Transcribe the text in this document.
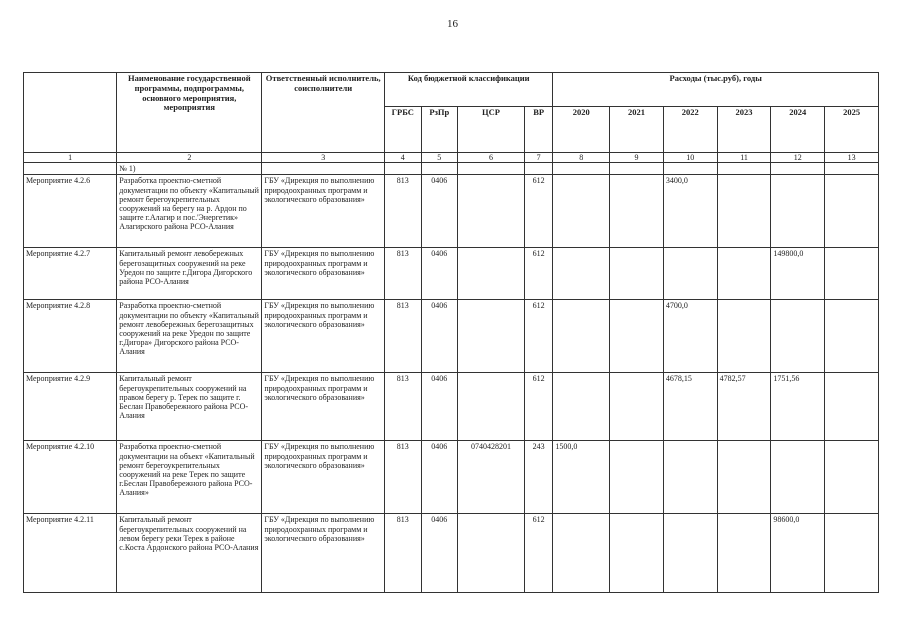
16
	Наименование государственной программы, подпрограммы, основного мероприятия, мероприятия	Ответственный исполнитель, соисполнители	Код бюджетной классификации				Расходы (тыс.руб), годы					
			ГРБС	РзПр	ЦСР	ВР	2020	2021	2022	2023	2024	2025
1	2	3	4	5	6	7	8	9	10	11	12	13
	№ 1)											
Мероприятие 4.2.6	Разработка проектно-сметной документации по объекту «Капитальный ремонт берегоукрепительных сооружений на берегу на р. Ардон по защите г.Алагир и пос.'Энергетик» Алагирского района РСО-Алания	ГБУ «Дирекция по выполнению природоохранных программ и экологического образования»	813	0406		612			3400,0			
Мероприятие 4.2.7	Капитальный ремонт левобережных берегозащитных сооружений на реке Уредон по защите г.Дигора Дигорского района РСО-Алания	ГБУ «Дирекция по выполнению природоохранных программ и экологического образования»	813	0406		612					149800,0	
Мероприятие 4.2.8	Разработка проектно-сметной документации по объекту «Капитальный ремонт левобережных берегозащитных сооружений на реке Уредон по защите г.Дигора» Дигорского района РСО-Алания	ГБУ «Дирекция по выполнению природоохранных программ и экологического образования»	813	0406		612			4700,0			
Мероприятие 4.2.9	Капитальный ремонт берегоукрепительных сооружений на правом берегу р. Терек по защите г. Беслан Правобережного района РСО-Алания	ГБУ «Дирекция по выполнению природоохранных программ и экологического образования»	813	0406		612			4678,15	4782,57	1751,56	
Мероприятие 4.2.10	Разработка проектно-сметной документации на объект «Капитальный ремонт берегоукрепительных сооружений на реке Терек по защите г.Беслан Правобережного района РСО-Алания»	ГБУ «Дирекция по выполнению природоохранных программ и экологического образования»	813	0406	0740428201	243	1500,0					
Мероприятие 4.2.11	Капитальный ремонт берегоукрепительных сооружений на левом берегу реки Терек в районе с.Коста Ардонского района РСО-Алания	ГБУ «Дирекция по выполнению природоохранных программ и экологического образования»	813	0406		612					98600,0	
